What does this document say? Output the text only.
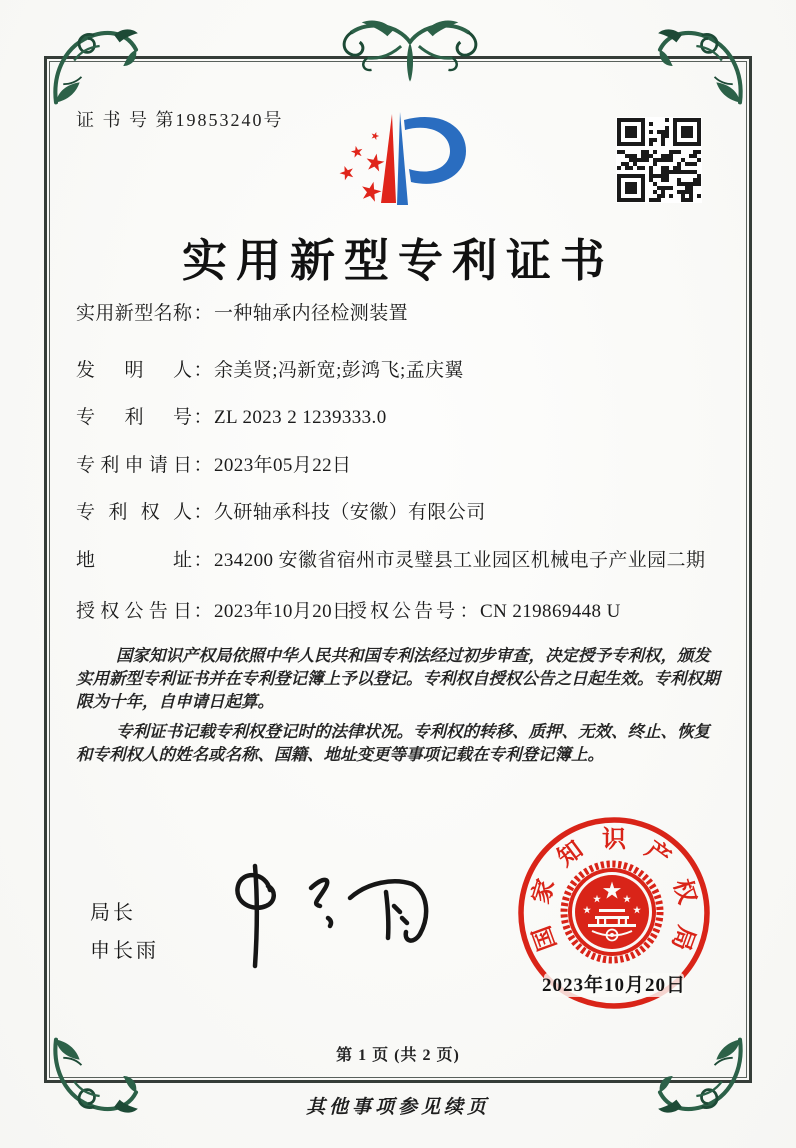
证 书 号 第19853240号
实用新型专利证书
实用新型名称：一种轴承内径检测装置
发明人：余美贤;冯新宽;彭鸿飞;孟庆翼
专利号：ZL 2023 2 1239333.0
专利申请日：2023年05月22日
专利权人：久研轴承科技（安徽）有限公司
地址：234200 安徽省宿州市灵璧县工业园区机械电子产业园二期
授权公告日：2023年10月20日
授权公告号：CN 219869448 U

国家知识产权局依照中华人民共和国专利法经过初步审查，决定授予专利权，颁发实用新型专利证书并在专利登记簿上予以登记。专利权自授权公告之日起生效。专利权期限为十年，自申请日起算。

专利证书记载专利权登记时的法律状况。专利权的转移、质押、无效、终止、恢复和专利权人的姓名或名称、国籍、地址变更等事项记载在专利登记簿上。

局长
申长雨	国
家
知 识 产
权
局
2023年10月20日
第 1 页 (共 2 页)
其他事项参见续页
